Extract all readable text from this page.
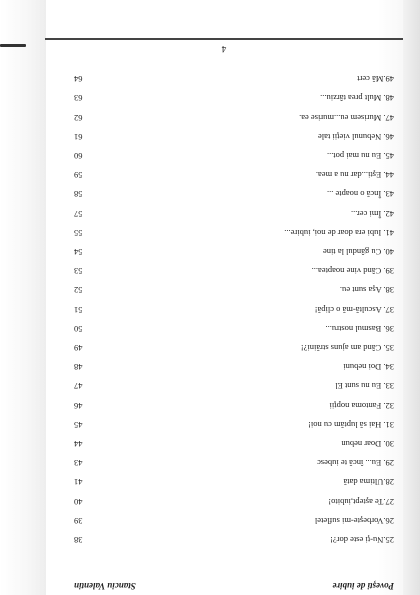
Povești de iubire
Stanciu Valentin
25.Nu-ţi este dor?!
38
26.Vorbeşte-mi sufletel
39
27.Te aştept,iubito!
40
28.Ultima dată
41
29. Eu... încă te iubesc
43
30. Doar nebun
44
31. Hai să luptăm cu noi!
45
32. Fantoma nopţii
46
33. Eu nu sunt El
47
34. Doi nebuni
48
35. Când am ajuns străini?!
49
36. Basmul nostru...
50
37. Ascultă-mă o clipă!
51
38. Aşa sunt eu.
52
39. Când vine noaptea...
53
40. Cu gândul la tine
54
41. Iubi era doar de noi, iubire...
55
42. Îmi cer...
57
43. Încă o noapte ...
58
44. Eşti...dar nu a mea.
59
45. Eu nu mai pot...
60
46. Nebunul vieţii tale
61
47. Murisem eu...murise ea.
62
48. Mult prea târziu...
63
49.Mă cert
64
4
